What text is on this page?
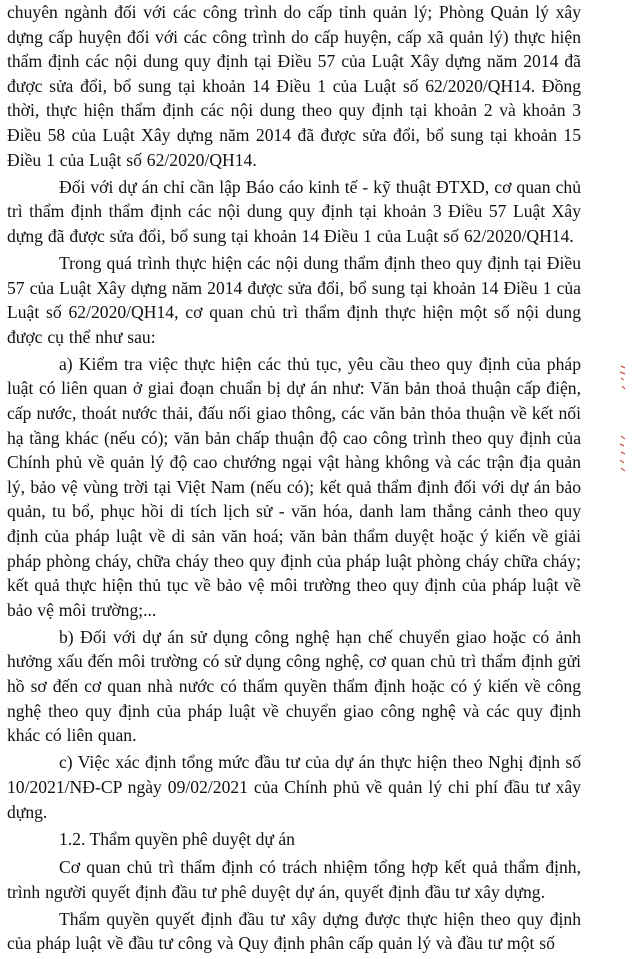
chuyên ngành đối với các công trình do cấp tỉnh quản lý; Phòng Quản lý xây dựng cấp huyện đối với các công trình do cấp huyện, cấp xã quản lý) thực hiện thẩm định các nội dung quy định tại Điều 57 của Luật Xây dựng năm 2014 đã được sửa đổi, bổ sung tại khoản 14 Điều 1 của Luật số 62/2020/QH14. Đồng thời, thực hiện thẩm định các nội dung theo quy định tại khoản 2 và khoản 3 Điều 58 của Luật Xây dựng năm 2014 đã được sửa đổi, bổ sung tại khoản 15 Điều 1 của Luật số 62/2020/QH14.

Đối với dự án chỉ cần lập Báo cáo kinh tế - kỹ thuật ĐTXD, cơ quan chủ trì thẩm định thẩm định các nội dung quy định tại khoản 3 Điều 57 Luật Xây dựng đã được sửa đổi, bổ sung tại khoản 14 Điều 1 của Luật số 62/2020/QH14.

Trong quá trình thực hiện các nội dung thẩm định theo quy định tại Điều 57 của Luật Xây dựng năm 2014 được sửa đổi, bổ sung tại khoản 14 Điều 1 của Luật số 62/2020/QH14, cơ quan chủ trì thẩm định thực hiện một số nội dung được cụ thể như sau:

a) Kiểm tra việc thực hiện các thủ tục, yêu cầu theo quy định của pháp luật có liên quan ở giai đoạn chuẩn bị dự án như: Văn bản thoả thuận cấp điện, cấp nước, thoát nước thải, đấu nối giao thông, các văn bản thỏa thuận về kết nối hạ tầng khác (nếu có); văn bản chấp thuận độ cao công trình theo quy định của Chính phủ về quản lý độ cao chướng ngại vật hàng không và các trận địa quản lý, bảo vệ vùng trời tại Việt Nam (nếu có); kết quả thẩm định đối với dự án bảo quản, tu bổ, phục hồi di tích lịch sử - văn hóa, danh lam thắng cảnh theo quy định của pháp luật về di sản văn hoá; văn bản thẩm duyệt hoặc ý kiến về giải pháp phòng cháy, chữa cháy theo quy định của pháp luật phòng cháy chữa cháy; kết quả thực hiện thủ tục về bảo vệ môi trường theo quy định của pháp luật về bảo vệ môi trường;...

b) Đối với dự án sử dụng công nghệ hạn chế chuyển giao hoặc có ảnh hưởng xấu đến môi trường có sử dụng công nghệ, cơ quan chủ trì thẩm định gửi hồ sơ đến cơ quan nhà nước có thẩm quyền thẩm định hoặc có ý kiến về công nghệ theo quy định của pháp luật về chuyển giao công nghệ và các quy định khác có liên quan.

c) Việc xác định tổng mức đầu tư của dự án thực hiện theo Nghị định số 10/2021/NĐ-CP ngày 09/02/2021 của Chính phủ về quản lý chi phí đầu tư xây dựng.

1.2. Thẩm quyền phê duyệt dự án

Cơ quan chủ trì thẩm định có trách nhiệm tổng hợp kết quả thẩm định, trình người quyết định đầu tư phê duyệt dự án, quyết định đầu tư xây dựng.

Thẩm quyền quyết định đầu tư xây dựng được thực hiện theo quy định của pháp luật về đầu tư công và Quy định phân cấp quản lý và đầu tư một số
